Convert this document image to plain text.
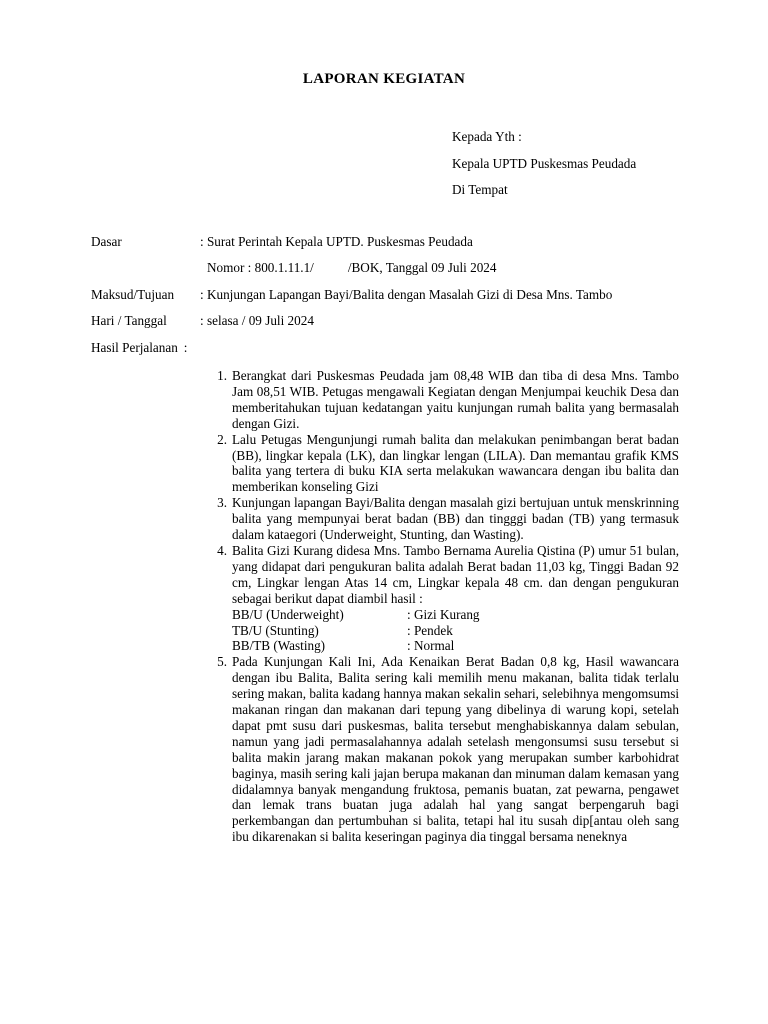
LAPORAN KEGIATAN
Kepada Yth :
Kepala UPTD Puskesmas Peudada
Di Tempat
Dasar	: Surat Perintah Kepala UPTD. Puskesmas Peudada
Nomor : 800.1.11.1/	/BOK, Tanggal 09 Juli 2024
Maksud/Tujuan : Kunjungan Lapangan Bayi/Balita dengan Masalah Gizi di Desa Mns. Tambo
Hari / Tanggal	: selasa / 09 Juli 2024
Hasil Perjalanan :
1. Berangkat dari Puskesmas Peudada jam 08,48 WIB dan tiba di desa Mns. Tambo Jam 08,51 WIB. Petugas mengawali Kegiatan dengan Menjumpai keuchik Desa dan memberitahukan tujuan kedatangan yaitu kunjungan rumah balita yang bermasalah dengan Gizi.
2. Lalu Petugas Mengunjungi rumah balita dan melakukan penimbangan berat badan (BB), lingkar kepala (LK), dan lingkar lengan (LILA). Dan memantau grafik KMS balita yang tertera di buku KIA serta melakukan wawancara dengan ibu balita dan memberikan konseling Gizi
3. Kunjungan lapangan Bayi/Balita dengan masalah gizi bertujuan untuk menskrinning balita yang mempunyai berat badan (BB) dan tingggi badan (TB) yang termasuk dalam kataegori (Underweight, Stunting, dan Wasting).
4. Balita Gizi Kurang didesa Mns. Tambo Bernama Aurelia Qistina (P) umur 51 bulan, yang didapat dari pengukuran balita adalah Berat badan 11,03 kg, Tinggi Badan 92 cm, Lingkar lengan Atas 14 cm, Lingkar kepala 48 cm. dan dengan pengukuran sebagai berikut dapat diambil hasil :
BB/U (Underweight)	: Gizi Kurang
TB/U (Stunting)	: Pendek
BB/TB (Wasting)	: Normal
5. Pada Kunjungan Kali Ini, Ada Kenaikan Berat Badan 0,8 kg, Hasil wawancara dengan ibu Balita, Balita sering kali memilih menu makanan, balita tidak terlalu sering makan, balita kadang hannya makan sekalin sehari, selebihnya mengomsumsi makanan ringan dan makanan dari tepung yang dibelinya di warung kopi, setelah dapat pmt susu dari puskesmas, balita tersebut menghabiskannya dalam sebulan, namun yang jadi permasalahannya adalah setelash mengonsumsi susu tersebut si balita makin jarang makan makanan pokok yang merupakan sumber karbohidrat baginya, masih sering kali jajan berupa makanan dan minuman dalam kemasan yang didalamnya banyak mengandung fruktosa, pemanis buatan, zat pewarna, pengawet dan lemak trans buatan juga adalah hal yang sangat berpengaruh bagi perkembangan dan pertumbuhan si balita, tetapi hal itu susah dip[antau oleh sang ibu dikarenakan si balita keseringan paginya dia tinggal bersama neneknya
